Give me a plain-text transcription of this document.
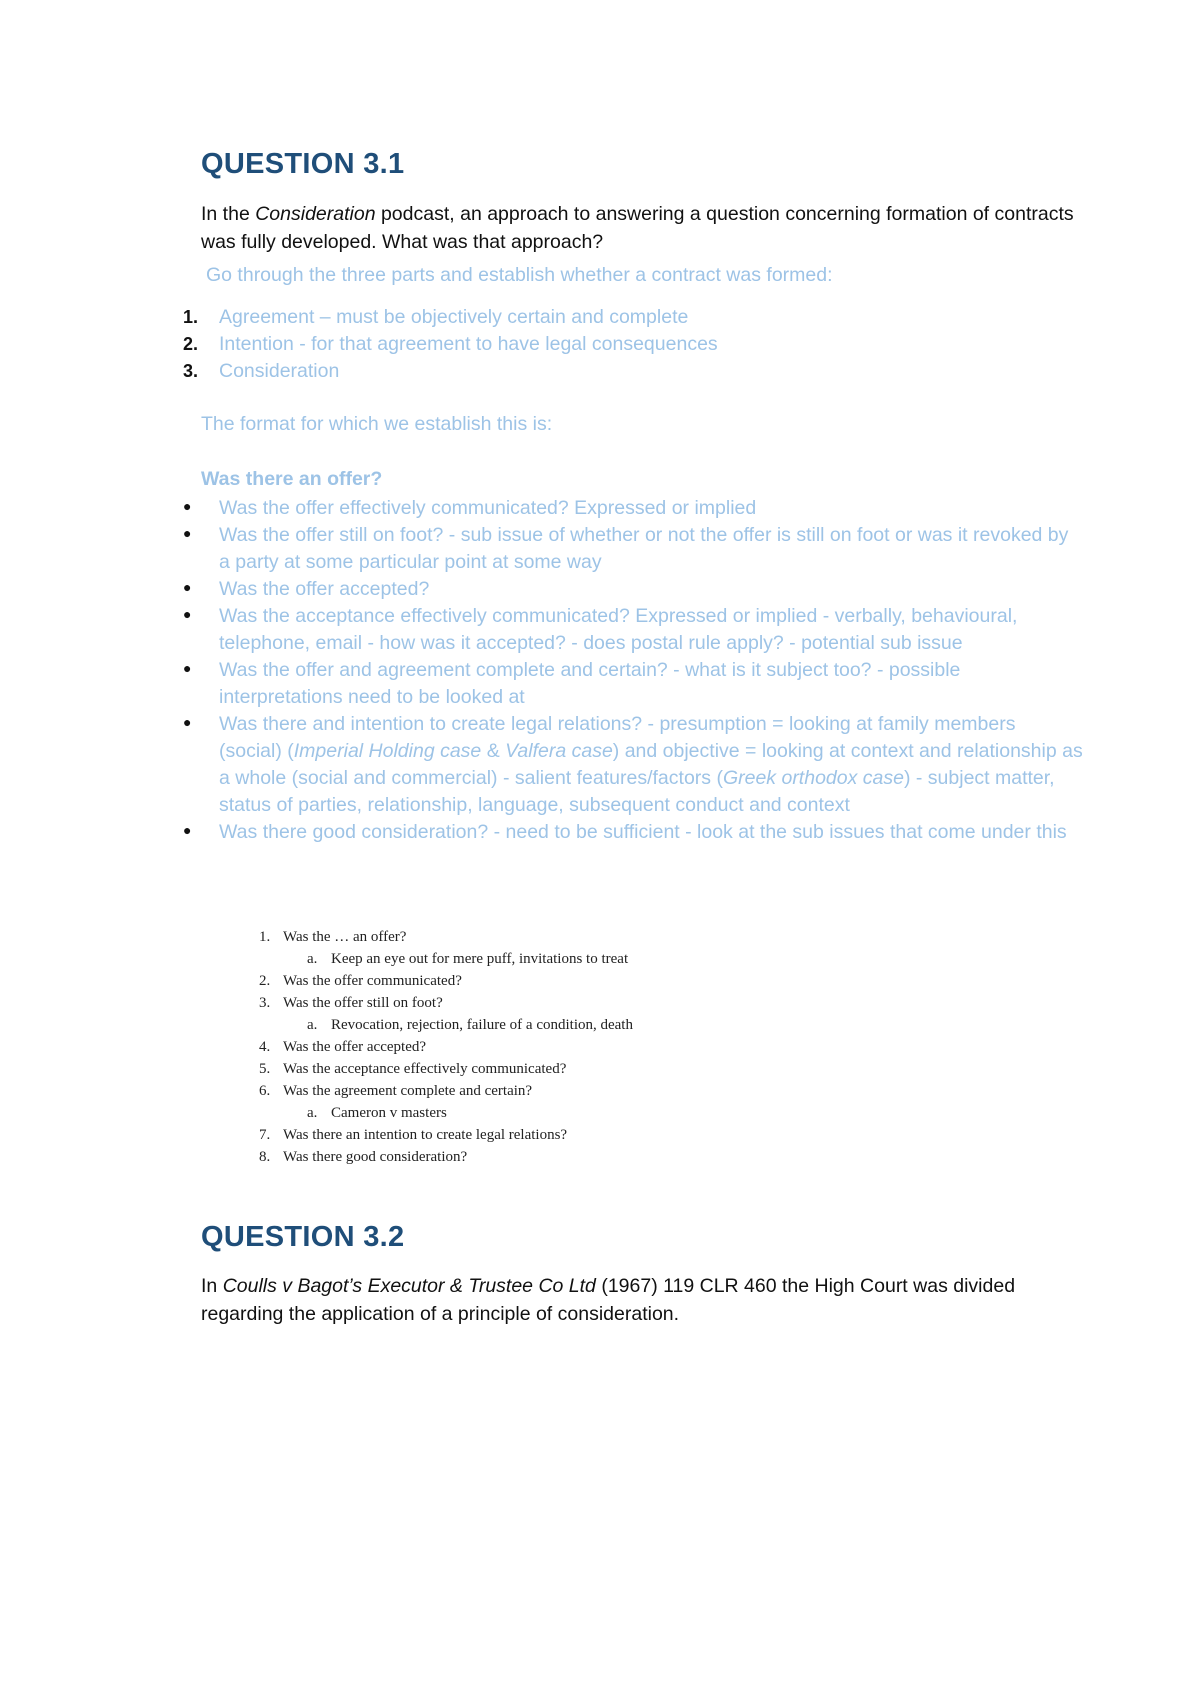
QUESTION 3.1
In the Consideration podcast, an approach to answering a question concerning formation of contracts was fully developed. What was that approach?
Go through the three parts and establish whether a contract was formed:
1.	Agreement – must be objectively certain and complete
2.	Intention - for that agreement to have legal consequences
3.	Consideration
The format for which we establish this is:
Was there an offer?
●	Was the offer effectively communicated? Expressed or implied
●	Was the offer still on foot? - sub issue of whether or not the offer is still on foot or was it revoked by a party at some particular point at some way
●	Was the offer accepted?
●	Was the acceptance effectively communicated? Expressed or implied - verbally, behavioural, telephone, email - how was it accepted? - does postal rule apply? - potential sub issue
●	Was the offer and agreement complete and certain? - what is it subject too? - possible interpretations need to be looked at
●	Was there and intention to create legal relations? - presumption = looking at family members (social) (Imperial Holding case & Valfera case) and objective = looking at context and relationship as a whole (social and commercial) - salient features/factors (Greek orthodox case) - subject matter, status of parties, relationship, language, subsequent conduct and context
●	Was there good consideration? - need to be sufficient - look at the sub issues that come under this
1. Was the … an offer?
a. Keep an eye out for mere puff, invitations to treat
2. Was the offer communicated?
3. Was the offer still on foot?
a. Revocation, rejection, failure of a condition, death
4. Was the offer accepted?
5. Was the acceptance effectively communicated?
6. Was the agreement complete and certain?
a. Cameron v masters
7. Was there an intention to create legal relations?
8. Was there good consideration?
QUESTION 3.2
In Coulls v Bagot’s Executor & Trustee Co Ltd (1967) 119 CLR 460 the High Court was divided regarding the application of a principle of consideration.
